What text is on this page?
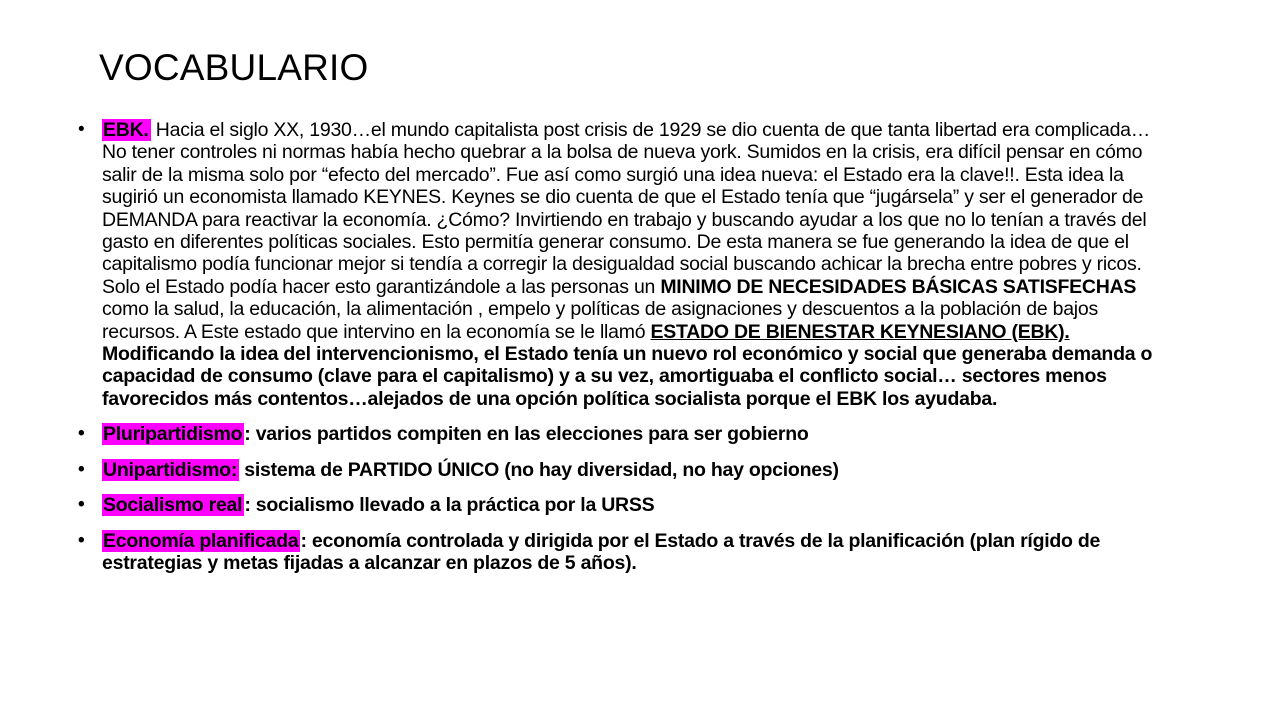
VOCABULARIO
• EBK. Hacia el siglo XX, 1930…el mundo capitalista post crisis de 1929 se dio cuenta de que tanta libertad era complicada… No tener controles ni normas había hecho quebrar a la bolsa de nueva york. Sumidos en la crisis, era difícil pensar en cómo salir de la misma solo por “efecto del mercado”. Fue así como surgió una idea nueva: el Estado era la clave!!. Esta idea la sugirió un economista llamado KEYNES. Keynes se dio cuenta de que el Estado tenía que “jugársela” y ser el generador de DEMANDA para reactivar la economía. ¿Cómo? Invirtiendo en trabajo y buscando ayudar a los que no lo tenían a través del gasto en diferentes políticas sociales. Esto permitía generar consumo. De esta manera se fue generando la idea de que el capitalismo podía funcionar mejor si tendía a corregir la desigualdad social buscando achicar la brecha entre pobres y ricos. Solo el Estado podía hacer esto garantizándole a las personas un MINIMO DE NECESIDADES BÁSICAS SATISFECHAS como la salud, la educación, la alimentación , empelo y políticas de asignaciones y descuentos a la población de bajos recursos. A Este estado que intervino en la economía se le llamó ESTADO DE BIENESTAR KEYNESIANO (EBK). Modificando la idea del intervencionismo, el Estado tenía un nuevo rol económico y social que generaba demanda o capacidad de consumo (clave para el capitalismo) y a su vez, amortiguaba el conflicto social… sectores menos favorecidos más contentos…alejados de una opción política socialista porque el EBK los ayudaba.
• Pluripartidismo : varios partidos compiten en las elecciones para ser gobierno
• Unipartidismo: sistema de PARTIDO ÚNICO (no hay diversidad, no hay opciones)
• Socialismo real : socialismo llevado a la práctica por la URSS
• Economía planificada : economía controlada y dirigida por el Estado a través de la planificación (plan rígido de estrategias y metas fijadas a alcanzar en plazos de 5 años).
